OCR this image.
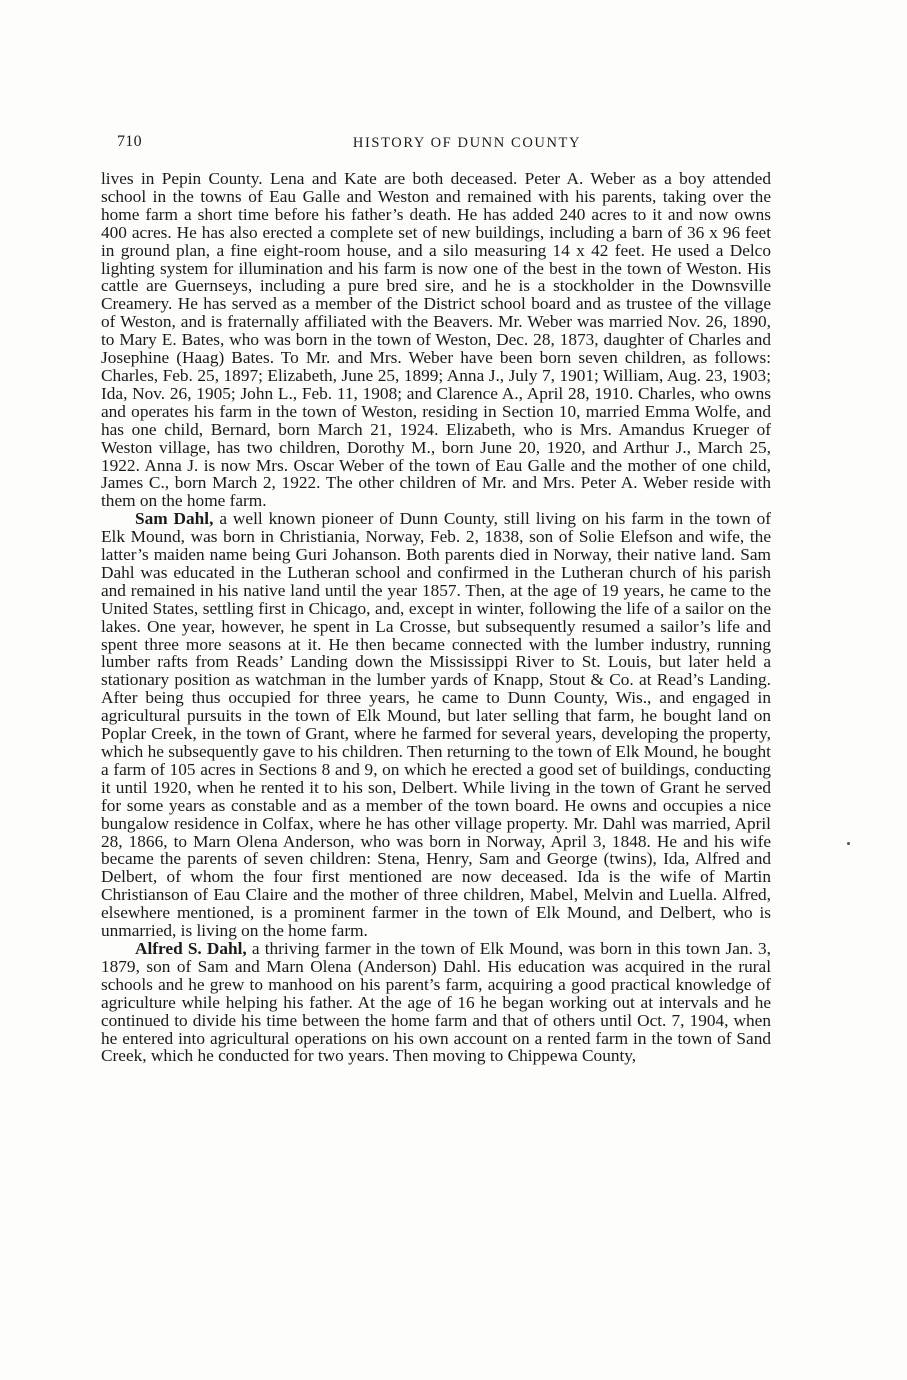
710	HISTORY OF DUNN COUNTY

lives in Pepin County. Lena and Kate are both deceased. Peter A. Weber as a boy attended school in the towns of Eau Galle and Weston and remained with his parents, taking over the home farm a short time before his father’s death. He has added 240 acres to it and now owns 400 acres. He has also erected a complete set of new buildings, including a barn of 36 x 96 feet in ground plan, a fine eight-room house, and a silo measuring 14 x 42 feet. He used a Delco lighting system for illumination and his farm is now one of the best in the town of Weston. His cattle are Guernseys, including a pure bred sire, and he is a stockholder in the Downsville Creamery. He has served as a member of the District school board and as trustee of the village of Weston, and is fraternally affiliated with the Beavers. Mr. Weber was married Nov. 26, 1890, to Mary E. Bates, who was born in the town of Weston, Dec. 28, 1873, daughter of Charles and Josephine (Haag) Bates. To Mr. and Mrs. Weber have been born seven children, as follows: Charles, Feb. 25, 1897; Elizabeth, June 25, 1899; Anna J., July 7, 1901; William, Aug. 23, 1903; Ida, Nov. 26, 1905; John L., Feb. 11, 1908; and Clarence A., April 28, 1910. Charles, who owns and operates his farm in the town of Weston, residing in Section 10, married Emma Wolfe, and has one child, Bernard, born March 21, 1924. Elizabeth, who is Mrs. Amandus Krueger of Weston village, has two children, Dorothy M., born June 20, 1920, and Arthur J., March 25, 1922. Anna J. is now Mrs. Oscar Weber of the town of Eau Galle and the mother of one child, James C., born March 2, 1922. The other children of Mr. and Mrs. Peter A. Weber reside with them on the home farm.

Sam Dahl, a well known pioneer of Dunn County, still living on his farm in the town of Elk Mound, was born in Christiania, Norway, Feb. 2, 1838, son of Solie Elefson and wife, the latter’s maiden name being Guri Johanson. Both parents died in Norway, their native land. Sam Dahl was educated in the Lutheran school and confirmed in the Lutheran church of his parish and remained in his native land until the year 1857. Then, at the age of 19 years, he came to the United States, settling first in Chicago, and, except in winter, following the life of a sailor on the lakes. One year, however, he spent in La Crosse, but subsequently resumed a sailor’s life and spent three more seasons at it. He then became connected with the lumber industry, running lumber rafts from Reads’ Landing down the Mississippi River to St. Louis, but later held a stationary position as watchman in the lumber yards of Knapp, Stout & Co. at Read’s Landing. After being thus occupied for three years, he came to Dunn County, Wis., and engaged in agricultural pursuits in the town of Elk Mound, but later selling that farm, he bought land on Poplar Creek, in the town of Grant, where he farmed for several years, developing the property, which he subsequently gave to his children. Then returning to the town of Elk Mound, he bought a farm of 105 acres in Sections 8 and 9, on which he erected a good set of buildings, conducting it until 1920, when he rented it to his son, Delbert. While living in the town of Grant he served for some years as constable and as a member of the town board. He owns and occupies a nice bungalow residence in Colfax, where he has other village property. Mr. Dahl was married, April 28, 1866, to Marn Olena Anderson, who was born in Norway, April 3, 1848. He and his wife became the parents of seven children: Stena, Henry, Sam and George (twins), Ida, Alfred and Delbert, of whom the four first mentioned are now deceased. Ida is the wife of Martin Christianson of Eau Claire and the mother of three children, Mabel, Melvin and Luella. Alfred, elsewhere mentioned, is a prominent farmer in the town of Elk Mound, and Delbert, who is unmarried, is living on the home farm.

Alfred S. Dahl, a thriving farmer in the town of Elk Mound, was born in this town Jan. 3, 1879, son of Sam and Marn Olena (Anderson) Dahl. His education was acquired in the rural schools and he grew to manhood on his parent’s farm, acquiring a good practical knowledge of agriculture while helping his father. At the age of 16 he began working out at intervals and he continued to divide his time between the home farm and that of others until Oct. 7, 1904, when he entered into agricultural operations on his own account on a rented farm in the town of Sand Creek, which he conducted for two years. Then moving to Chippewa County,
